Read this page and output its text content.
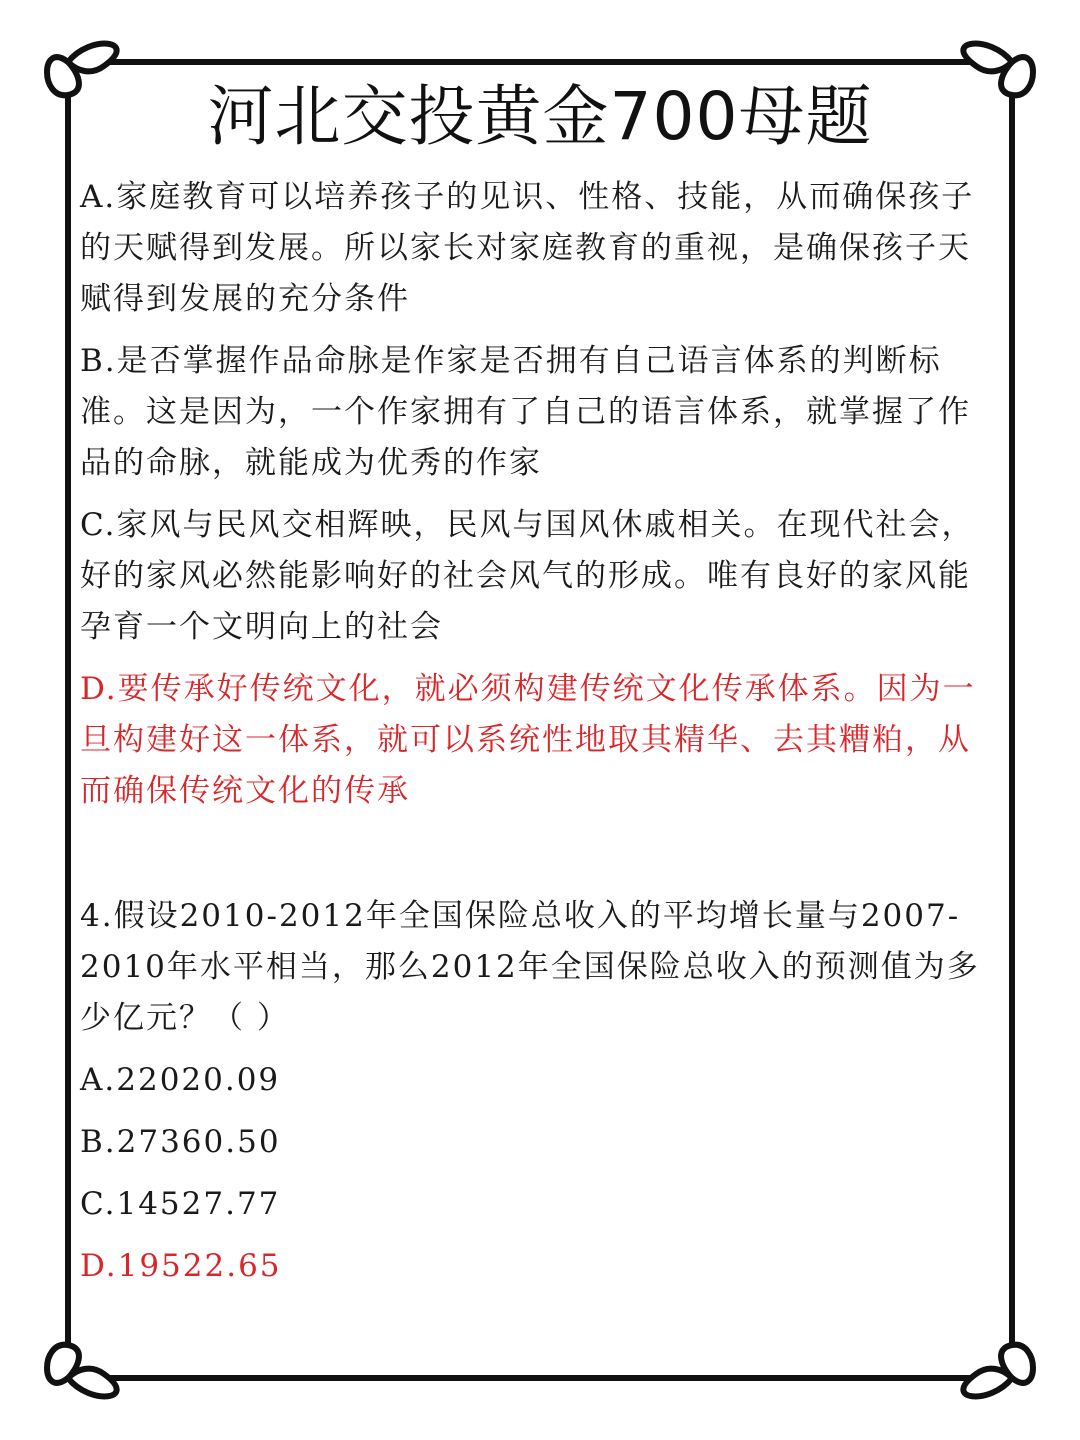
河北交投黄金700母题

A.家庭教育可以培养孩子的见识、性格、技能，从而确保孩子的天赋得到发展。所以家长对家庭教育的重视，是确保孩子天赋得到发展的充分条件

B.是否掌握作品命脉是作家是否拥有自己语言体系的判断标准。这是因为，一个作家拥有了自己的语言体系，就掌握了作品的命脉，就能成为优秀的作家

C.家风与民风交相辉映，民风与国风休戚相关。在现代社会，好的家风必然能影响好的社会风气的形成。唯有良好的家风能孕育一个文明向上的社会

D.要传承好传统文化，就必须构建传统文化传承体系。因为一旦构建好这一体系，就可以系统性地取其精华、去其糟粕，从而确保传统文化的传承

4.假设2010-2012年全国保险总收入的平均增长量与2007-2010年水平相当，那么2012年全国保险总收入的预测值为多少亿元？（ ）

A.22020.09

B.27360.50

C.14527.77

D.19522.65
